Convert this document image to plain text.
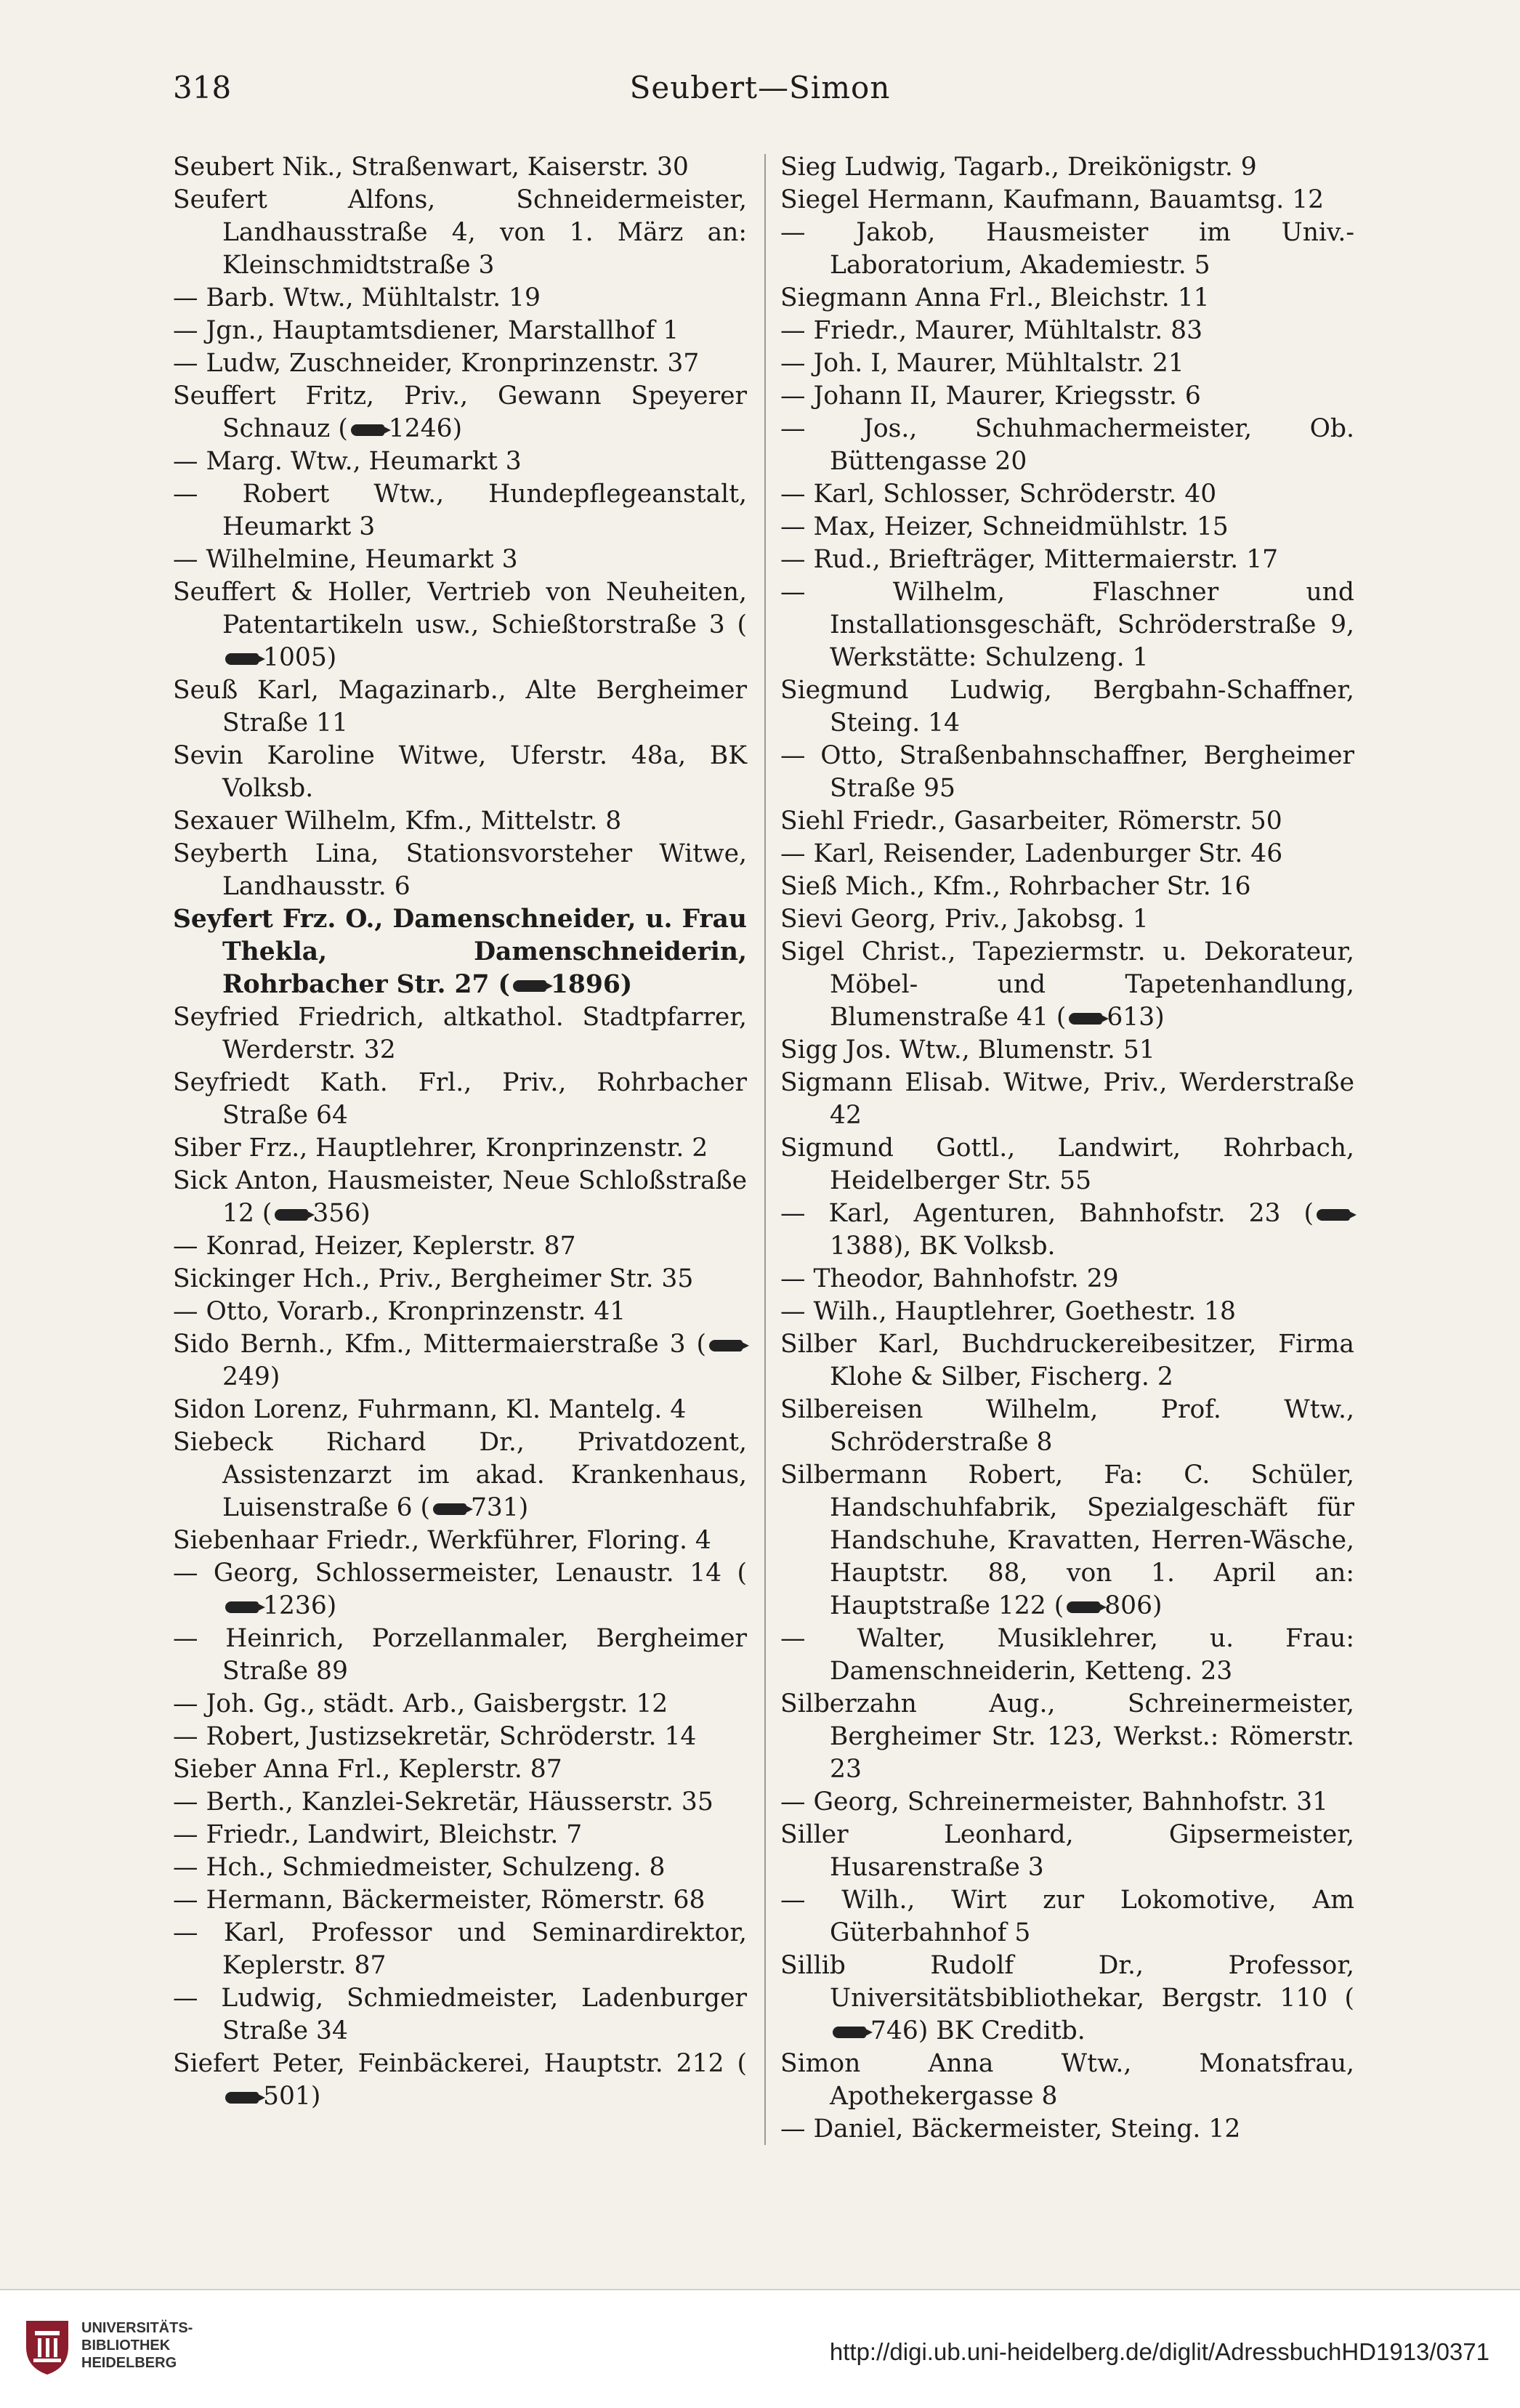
318	Seubert—Simon

Seubert Nik., Straßenwart, Kaiserstr. 30

Seufert Alfons, Schneidermeister, Landhausstraße 4, von 1. März an: Kleinschmidtstraße 3

— Barb. Wtw., Mühltalstr. 19

— Jgn., Hauptamtsdiener, Marstallhof 1

— Ludw, Zuschneider, Kronprinzenstr. 37

Seuffert Fritz, Priv., Gewann Speyerer Schnauz ( 1246)

— Marg. Wtw., Heumarkt 3

— Robert Wtw., Hundepflegeanstalt, Heumarkt 3

— Wilhelmine, Heumarkt 3

Seuffert & Holler, Vertrieb von Neuheiten, Patentartikeln usw., Schießtorstraße 3 (1005)

Seuß Karl, Magazinarb., Alte Bergheimer Straße 11

Sevin Karoline Witwe, Uferstr. 48a, BK Volksb.

Sexauer Wilhelm, Kfm., Mittelstr. 8

Seyberth Lina, Stationsvorsteher Witwe, Landhausstr. 6

Seyfert Frz. O., Damenschneider, u. Frau Thekla, Damenschneiderin, Rohrbacher Str. 27 ( 1896)

Seyfried Friedrich, altkathol. Stadtpfarrer, Werderstr. 32

Seyfriedt Kath. Frl., Priv., Rohrbacher Straße 64

Siber Frz., Hauptlehrer, Kronprinzenstr. 2

Sick Anton, Hausmeister, Neue Schloßstraße 12 ( 356)

— Konrad, Heizer, Keplerstr. 87

Sickinger Hch., Priv., Bergheimer Str. 35

— Otto, Vorarb., Kronprinzenstr. 41

Sido Bernh., Kfm., Mittermaierstraße 3 (249)

Sidon Lorenz, Fuhrmann, Kl. Mantelg. 4

Siebeck Richard Dr., Privatdozent, Assistenzarzt im akad. Krankenhaus, Luisenstraße 6 ( 731)

Siebenhaar Friedr., Werkführer, Floring. 4

— Georg, Schlossermeister, Lenaustr. 14 (1236)

— Heinrich, Porzellanmaler, Bergheimer Straße 89

— Joh. Gg., städt. Arb., Gaisbergstr. 12

— Robert, Justizsekretär, Schröderstr. 14

Sieber Anna Frl., Keplerstr. 87

— Berth., Kanzlei-Sekretär, Häusserstr. 35

— Friedr., Landwirt, Bleichstr. 7

— Hch., Schmiedmeister, Schulzeng. 8

— Hermann, Bäckermeister, Römerstr. 68

— Karl, Professor und Seminardirektor, Keplerstr. 87

— Ludwig, Schmiedmeister, Ladenburger Straße 34

Siefert Peter, Feinbäckerei, Hauptstr. 212 (501)

Sieg Ludwig, Tagarb., Dreikönigstr. 9

Siegel Hermann, Kaufmann, Bauamtsg. 12

— Jakob, Hausmeister im Univ.-Laboratorium, Akademiestr. 5

Siegmann Anna Frl., Bleichstr. 11

— Friedr., Maurer, Mühltalstr. 83

— Joh. I, Maurer, Mühltalstr. 21

— Johann II, Maurer, Kriegsstr. 6

— Jos., Schuhmachermeister, Ob. Büttengasse 20

— Karl, Schlosser, Schröderstr. 40

— Max, Heizer, Schneidmühlstr. 15

— Rud., Briefträger, Mittermaierstr. 17

— Wilhelm, Flaschner und Installationsgeschäft, Schröderstraße 9, Werkstätte: Schulzeng. 1

Siegmund Ludwig, Bergbahn-Schaffner, Steing. 14

— Otto, Straßenbahnschaffner, Bergheimer Straße 95

Siehl Friedr., Gasarbeiter, Römerstr. 50

— Karl, Reisender, Ladenburger Str. 46

Sieß Mich., Kfm., Rohrbacher Str. 16

Sievi Georg, Priv., Jakobsg. 1

Sigel Christ., Tapeziermstr. u. Dekorateur, Möbel- und Tapetenhandlung, Blumenstraße 41 ( 613)

Sigg Jos. Wtw., Blumenstr. 51

Sigmann Elisab. Witwe, Priv., Werderstraße 42

Sigmund Gottl., Landwirt, Rohrbach, Heidelberger Str. 55

— Karl, Agenturen, Bahnhofstr. 23 (1388), BK Volksb.

— Theodor, Bahnhofstr. 29

— Wilh., Hauptlehrer, Goethestr. 18

Silber Karl, Buchdruckereibesitzer, Firma Klohe & Silber, Fischerg. 2

Silbereisen Wilhelm, Prof. Wtw., Schröderstraße 8

Silbermann Robert, Fa: C. Schüler, Handschuhfabrik, Spezialgeschäft für Handschuhe, Kravatten, Herren-Wäsche, Hauptstr. 88, von 1. April an: Hauptstraße 122 ( 806)

— Walter, Musiklehrer, u. Frau: Damenschneiderin, Ketteng. 23

Silberzahn Aug., Schreinermeister, Bergheimer Str. 123, Werkst.: Römerstr. 23

— Georg, Schreinermeister, Bahnhofstr. 31

Siller Leonhard, Gipsermeister, Husarenstraße 3

— Wilh., Wirt zur Lokomotive, Am Güterbahnhof 5

Sillib Rudolf Dr., Professor, Universitätsbibliothekar, Bergstr. 110 (746) BK Creditb.

Simon Anna Wtw., Monatsfrau, Apothekergasse 8

— Daniel, Bäckermeister, Steing. 12

UNIVERSITÄTS-
BIBLIOTHEK
HEIDELBERG	http://digi.ub.uni-heidelberg.de/diglit/AdressbuchHD1913/0371
